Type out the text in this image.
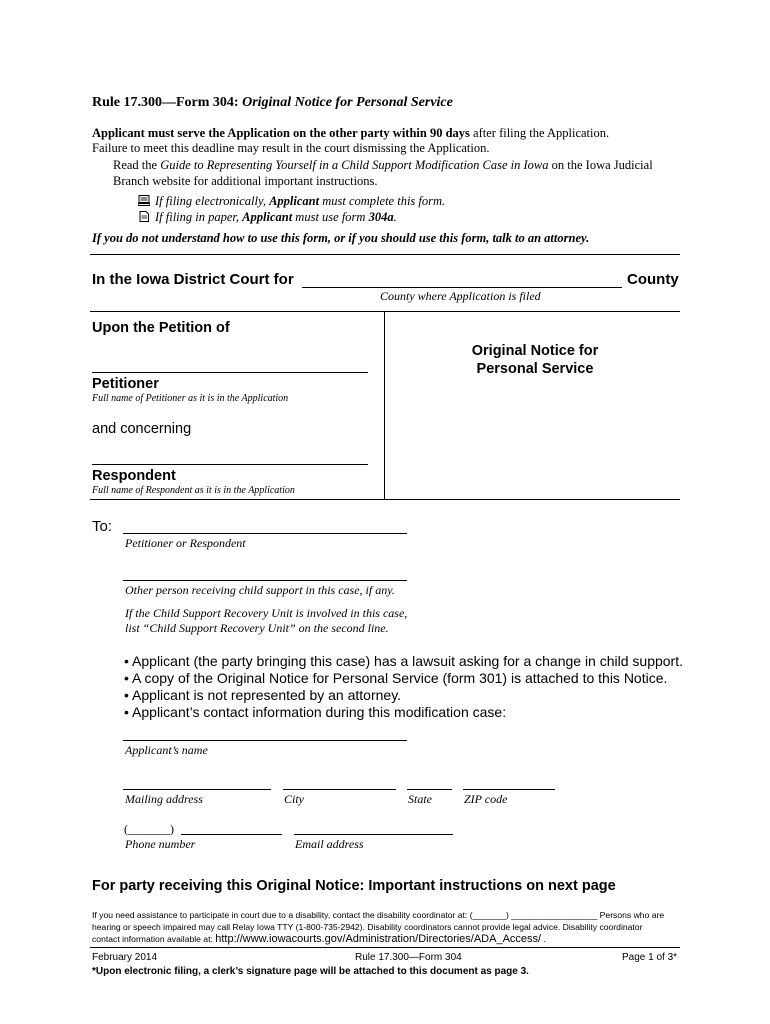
Rule 17.300—Form 304: Original Notice for Personal Service
Applicant must serve the Application on the other party within 90 days after filing the Application.
Failure to meet this deadline may result in the court dismissing the Application.
Read the Guide to Representing Yourself in a Child Support Modification Case in Iowa on the Iowa Judicial
Branch website for additional important instructions.
If filing electronically, Applicant must complete this form.
If filing in paper, Applicant must use form 304a.
If you do not understand how to use this form, or if you should use this form, talk to an attorney.
In the Iowa District Court for	County
County where Application is filed
Upon the Petition of
Petitioner
Full name of Petitioner as it is in the Application
and concerning
Respondent
Full name of Respondent as it is in the Application
Original Notice for
Personal Service
To:
Petitioner or Respondent
Other person receiving child support in this case, if any.
If the Child Support Recovery Unit is involved in this case,
list “Child Support Recovery Unit” on the second line.
• Applicant (the party bringing this case) has a lawsuit asking for a change in child support.
• A copy of the Original Notice for Personal Service (form 301) is attached to this Notice.
• Applicant is not represented by an attorney.
• Applicant’s contact information during this modification case:
Applicant’s name
Mailing address	City	State	ZIP code
(_______)
Phone number	Email address
For party receiving this Original Notice: Important instructions on next page
If you need assistance to participate in court due to a disability, contact the disability coordinator at: (_______) __________________ Persons who are
hearing or speech impaired may call Relay Iowa TTY (1-800-735-2942). Disability coordinators cannot provide legal advice. Disability coordinator
contact information available at: http://www.iowacourts.gov/Administration/Directories/ADA_Access/ .
February 2014	Rule 17.300—Form 304	Page 1 of 3*
*Upon electronic filing, a clerk’s signature page will be attached to this document as page 3.
